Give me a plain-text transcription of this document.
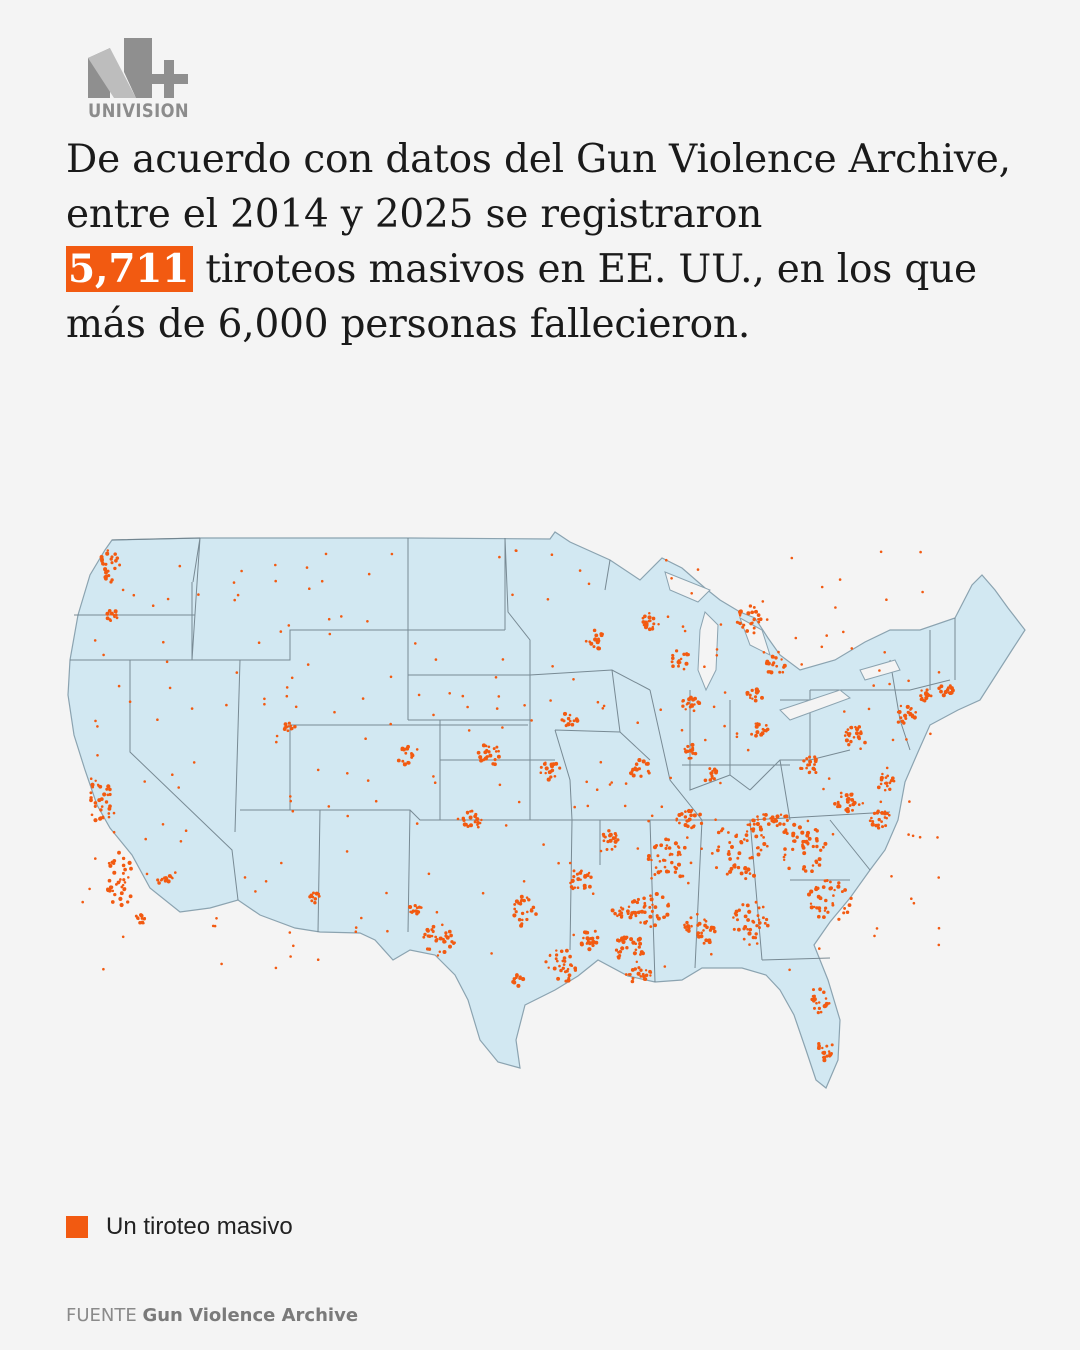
UNIVISION
De acuerdo con datos del Gun Violence Archive, entre el 2014 y 2025 se registraron
5,711 tiroteos masivos en EE. UU., en los que más de 6,000 personas fallecieron.
Un tiroteo masivo
FUENTE Gun Violence Archive
